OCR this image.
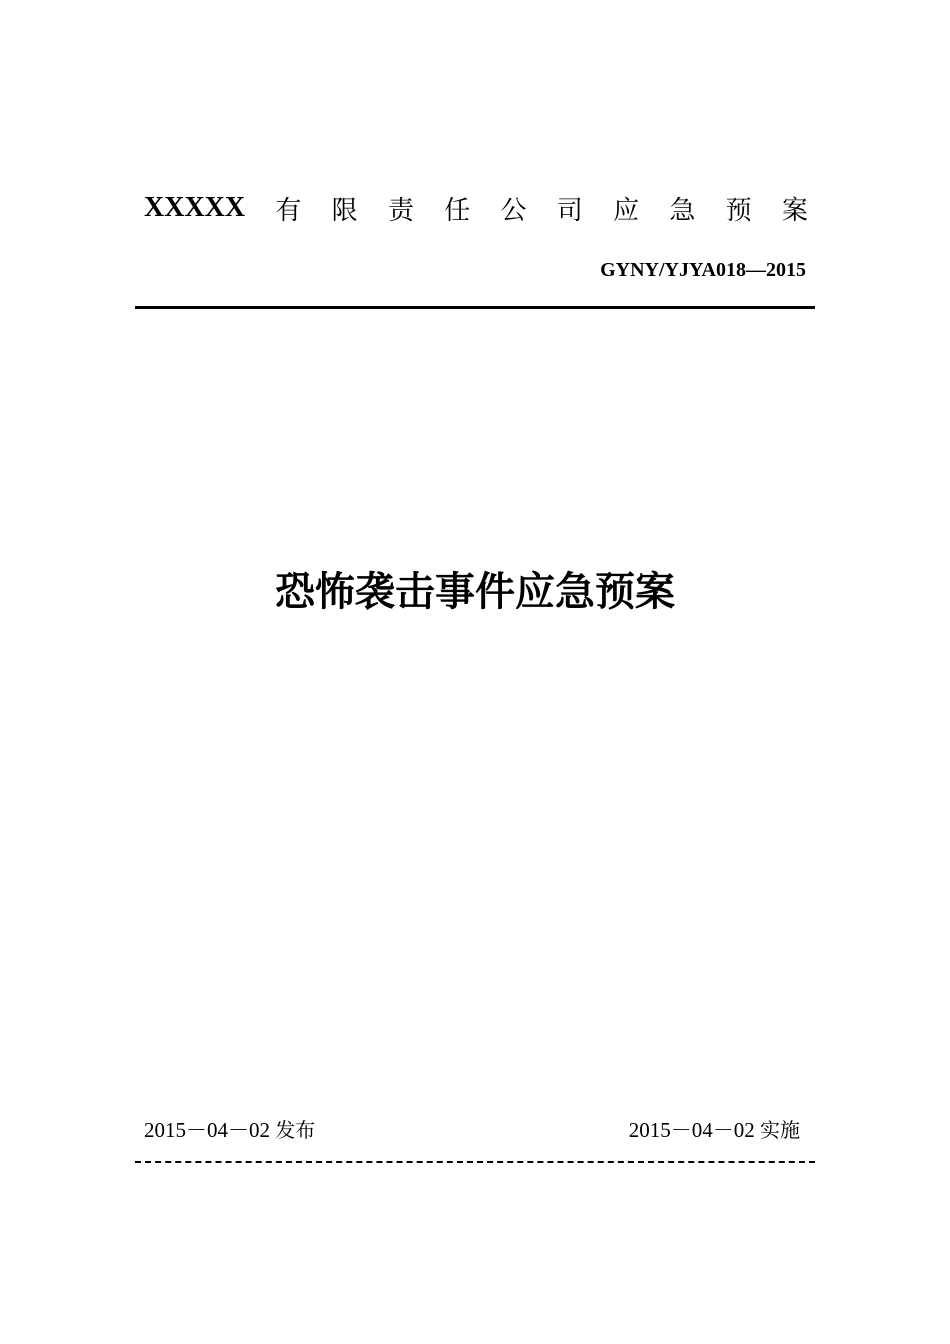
XXXXX 有 限 责 任 公 司 应 急 预 案
GYNY/YJYA018—2015
恐怖袭击事件应急预案
2015－04－02 发布	2015－04－02 实施
